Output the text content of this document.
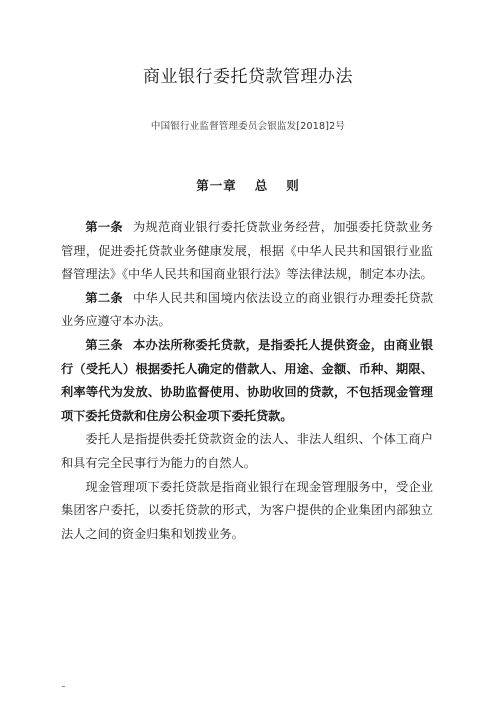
商业银行委托贷款管理办法
中国银行业监督管理委员会银监发[2018]2号
第一章 总 则

第一条 为规范商业银行委托贷款业务经营，加强委托贷款业务管理，促进委托贷款业务健康发展，根据《中华人民共和国银行业监督管理法》《中华人民共和国商业银行法》等法律法规，制定本办法。

第二条 中华人民共和国境内依法设立的商业银行办理委托贷款业务应遵守本办法。

第三条 本办法所称委托贷款，是指委托人提供资金，由商业银行（受托人）根据委托人确定的借款人、用途、金额、币种、期限、利率等代为发放、协助监督使用、协助收回的贷款，不包括现金管理项下委托贷款和住房公积金项下委托贷款。

委托人是指提供委托贷款资金的法人、非法人组织、个体工商户和具有完全民事行为能力的自然人。

现金管理项下委托贷款是指商业银行在现金管理服务中，受企业集团客户委托，以委托贷款的形式，为客户提供的企业集团内部独立法人之间的资金归集和划拨业务。
